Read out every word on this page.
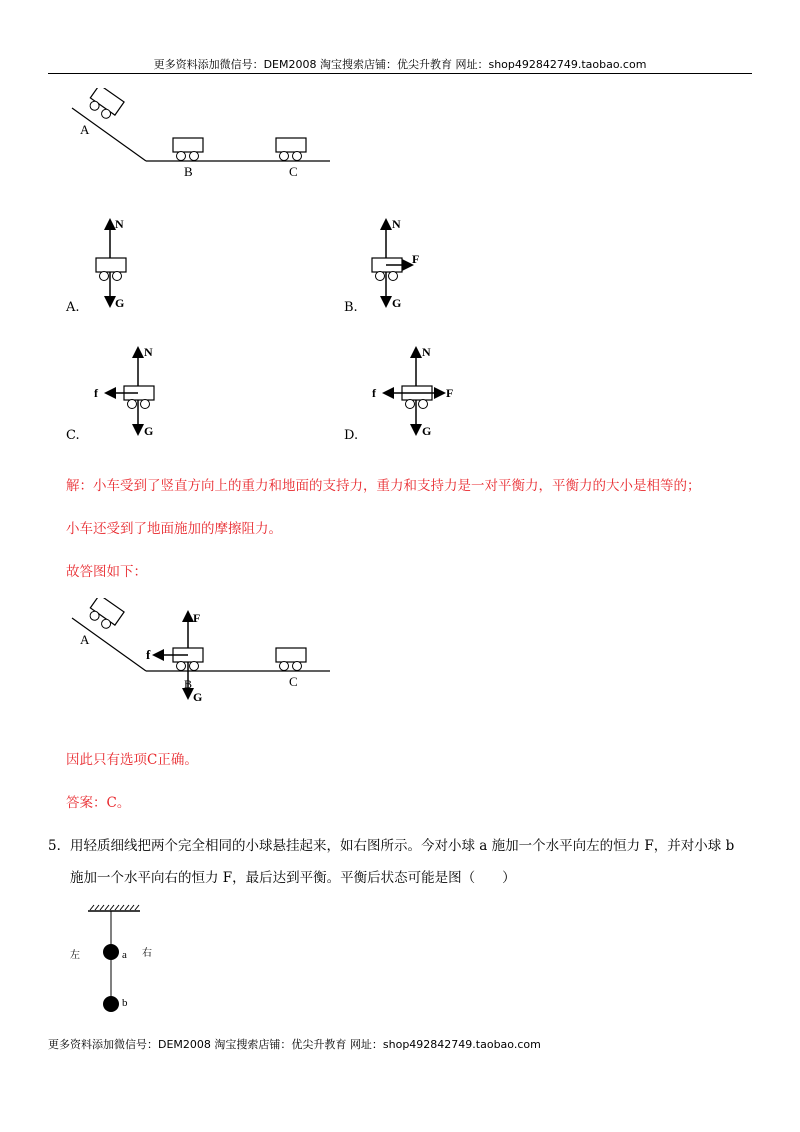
更多资料添加微信号：DEM2008 淘宝搜索店铺：优尖升教育 网址：shop492842749.taobao.com
A
B	C
A.
N
G	B.
N
F
G
C.
N
f
G	D.
N
f	F
G
解：小车受到了竖直方向上的重力和地面的支持力，重力和支持力是一对平衡力，平衡力的大小是相等的；
小车还受到了地面施加的摩擦阻力。
故答图如下：
A
F
f
B
G
C
因此只有选项C正确。
答案：C。
5． 用轻质细线把两个完全相同的小球悬挂起来，如右图所示。今对小球 a 施加一个水平向左的恒力 F，并对小球 b
施加一个水平向右的恒力 F，最后达到平衡。平衡后状态可能是图（　　）
a
b
左	右
更多资料添加微信号：DEM2008 淘宝搜索店铺：优尖升教育 网址：shop492842749.taobao.com
